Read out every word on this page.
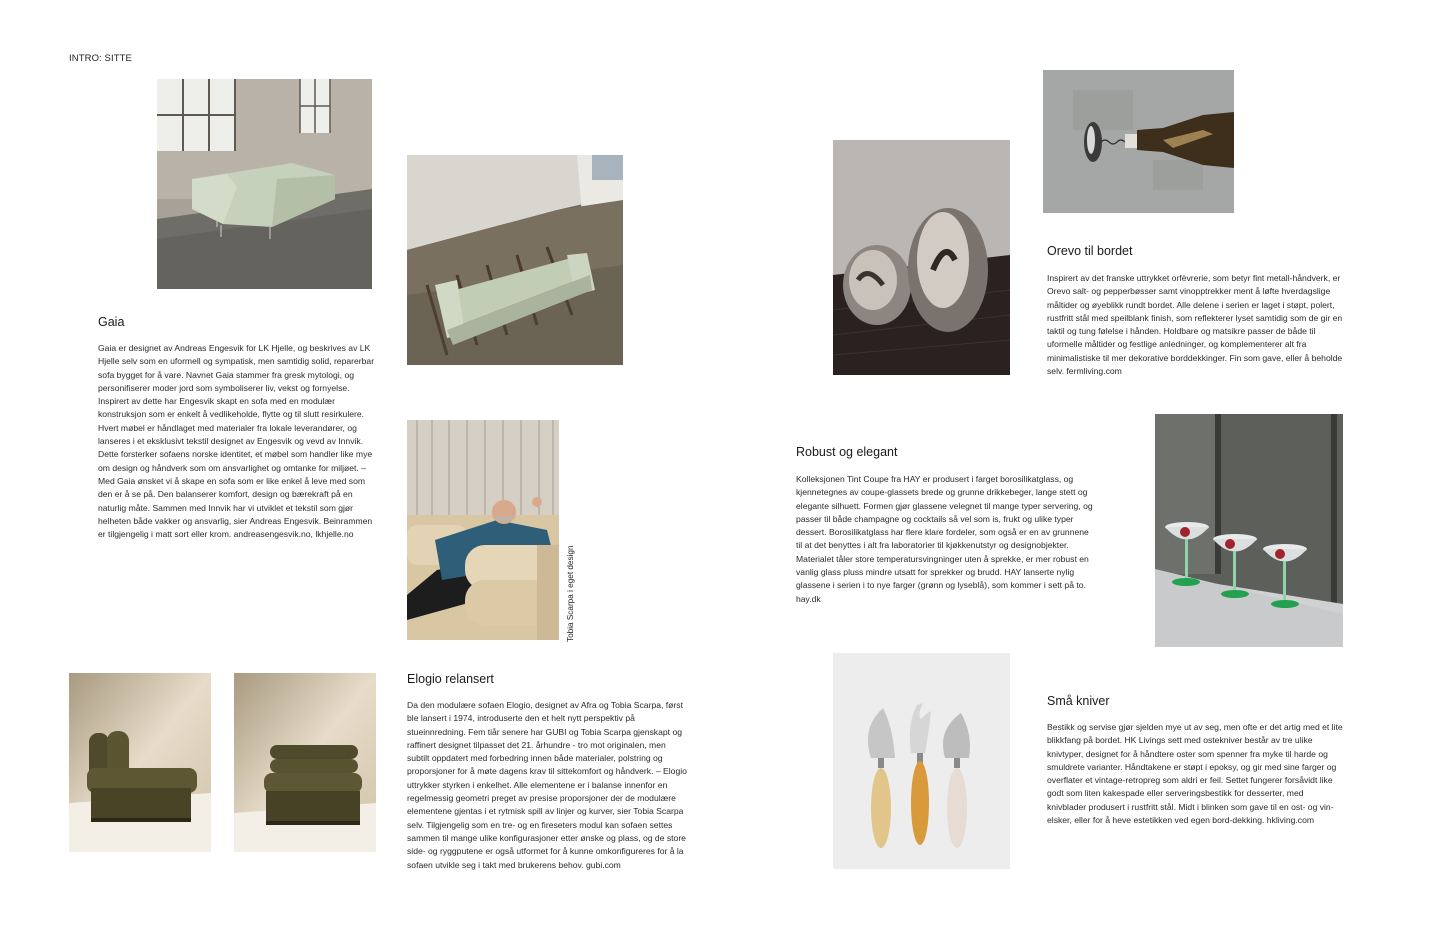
INTRO: SITTE
Gaia

Gaia er designet av Andreas Engesvik for LK Hjelle, og beskrives av LK Hjelle selv som en uformell og sympatisk, men samtidig solid, reparerbar sofa bygget for å vare. Navnet Gaia stammer fra gresk mytologi, og personifiserer moder jord som symboliserer liv, vekst og fornyelse. Inspirert av dette har Engesvik skapt en sofa med en modulær konstruksjon som er enkelt å vedlikeholde, flytte og til slutt resirkulere. Hvert møbel er håndlaget med materialer fra lokale leverandører, og lanseres i et eksklusivt tekstil designet av Engesvik og vevd av Innvik. Dette forsterker sofaens norske identitet, et møbel som handler like mye om design og håndverk som om ansvarlighet og omtanke for miljøet. – Med Gaia ønsket vi å skape en sofa som er like enkel å leve med som den er å se på. Den balanserer komfort, design og bærekraft på en naturlig måte. Sammen med Innvik har vi utviklet et tekstil som gjør helheten både vakker og ansvarlig, sier Andreas Engesvik. Beinrammen er tilgjengelig i matt sort eller krom. andreasengesvik.no, lkhjelle.no

Tobia Scarpa i eget design
Elogio relansert

Da den modulære sofaen Elogio, designet av Afra og Tobia Scarpa, først ble lansert i 1974, introduserte den et helt nytt perspektiv på stueinnredning. Fem tiår senere har GUBI og Tobia Scarpa gjenskapt og raffinert designet tilpasset det 21. århundre - tro mot originalen, men subtilt oppdatert med forbedring innen både materialer, polstring og proporsjoner for å møte dagens krav til sittekomfort og håndverk. – Elogio uttrykker styrken i enkelhet. Alle elementene er i balanse innenfor en regelmessig geometri preget av presise proporsjoner der de modulære elementene gjentas i et rytmisk spill av linjer og kurver, sier Tobia Scarpa selv. Tilgjengelig som en tre- og en fireseters modul kan sofaen settes sammen til mange ulike konfigurasjoner etter ønske og plass, og de store side- og ryggputene er også utformet for å kunne omkonfigureres for å la sofaen utvikle seg i takt med brukerens behov. gubi.com

Orevo til bordet

Inspirert av det franske uttrykket orfèvrerie, som betyr fint metall-håndverk, er Orevo salt- og pepperbøsser samt vinopptrekker ment å løfte hverdagslige måltider og øyeblikk rundt bordet. Alle delene i serien er laget i støpt, polert, rustfritt stål med speilblank finish, som reflekterer lyset samtidig som de gir en taktil og tung følelse i hånden. Holdbare og matsikre passer de både til uformelle måltider og festlige anledninger, og komplementerer alt fra minimalistiske til mer dekorative borddekkinger. Fin som gave, eller å beholde selv. fermliving.com

Robust og elegant

Kolleksjonen Tint Coupe fra HAY er produsert i farget borosilikatglass, og kjennetegnes av coupe-glassets brede og grunne drikkebeger, lange stett og elegante silhuett. Formen gjør glassene velegnet til mange typer servering, og passer til både champagne og cocktails så vel som is, frukt og ulike typer dessert. Borosilikatglass har flere klare fordeler, som også er en av grunnene til at det benyttes i alt fra laboratorier til kjøkkenutstyr og designobjekter. Materialet tåler store temperatursvingninger uten å sprekke, er mer robust en vanlig glass pluss mindre utsatt for sprekker og brudd. HAY lanserte nylig glassene i serien i to nye farger (grønn og lyseblå), som kommer i sett på to. hay.dk

Små kniver

Bestikk og servise gjør sjelden mye ut av seg, men ofte er det artig med et lite blikkfang på bordet. HK Livings sett med ostekniver består av tre ulike knivtyper, designet for å håndtere oster som spenner fra myke til harde og smuldrete varianter. Håndtakene er støpt i epoksy, og gir med sine farger og overflater et vintage-retropreg som aldri er feil. Settet fungerer forsåvidt like godt som liten kakespade eller serveringsbestikk for desserter, med knivblader produsert i rustfritt stål. Midt i blinken som gave til en ost- og vin-elsker, eller for å heve estetikken ved egen bord-dekking. hkliving.com
